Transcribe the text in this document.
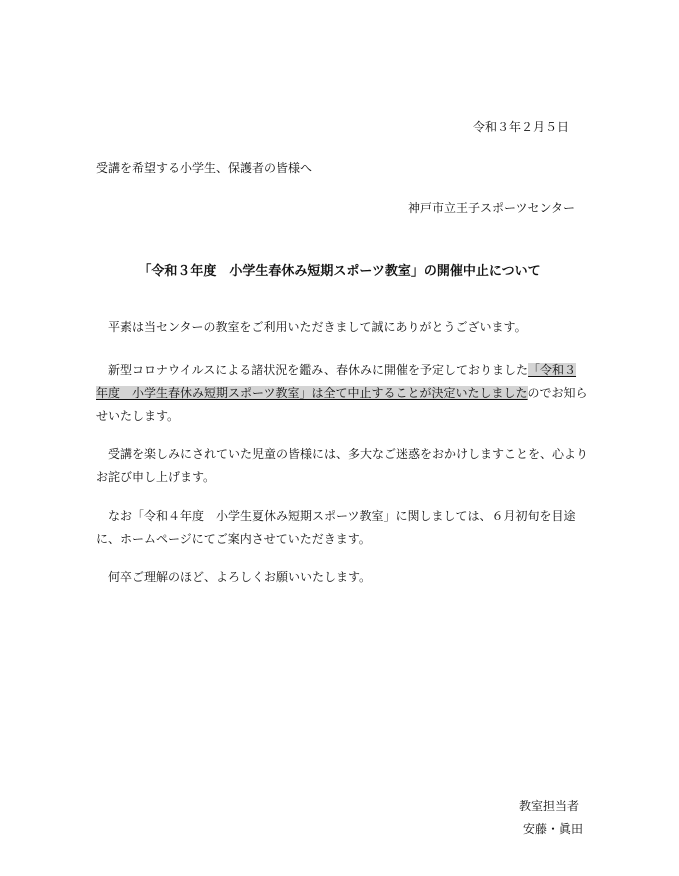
令和３年２月５日
受講を希望する小学生、保護者の皆様へ
神戸市立王子スポーツセンター
「令和３年度　小学生春休み短期スポーツ教室」の開催中止について
平素は当センターの教室をご利用いただきまして誠にありがとうございます。
新型コロナウイルスによる諸状況を鑑み、春休みに開催を予定しておりました「令和３年度　小学生春休み短期スポーツ教室」は全て中止することが決定いたしましたのでお知らせいたします。
受講を楽しみにされていた児童の皆様には、多大なご迷惑をおかけしますことを、心よりお詫び申し上げます。
なお「令和４年度　小学生夏休み短期スポーツ教室」に関しましては、６月初旬を目途に、ホームページにてご案内させていただきます。
何卒ご理解のほど、よろしくお願いいたします。
教室担当者
安藤・眞田
